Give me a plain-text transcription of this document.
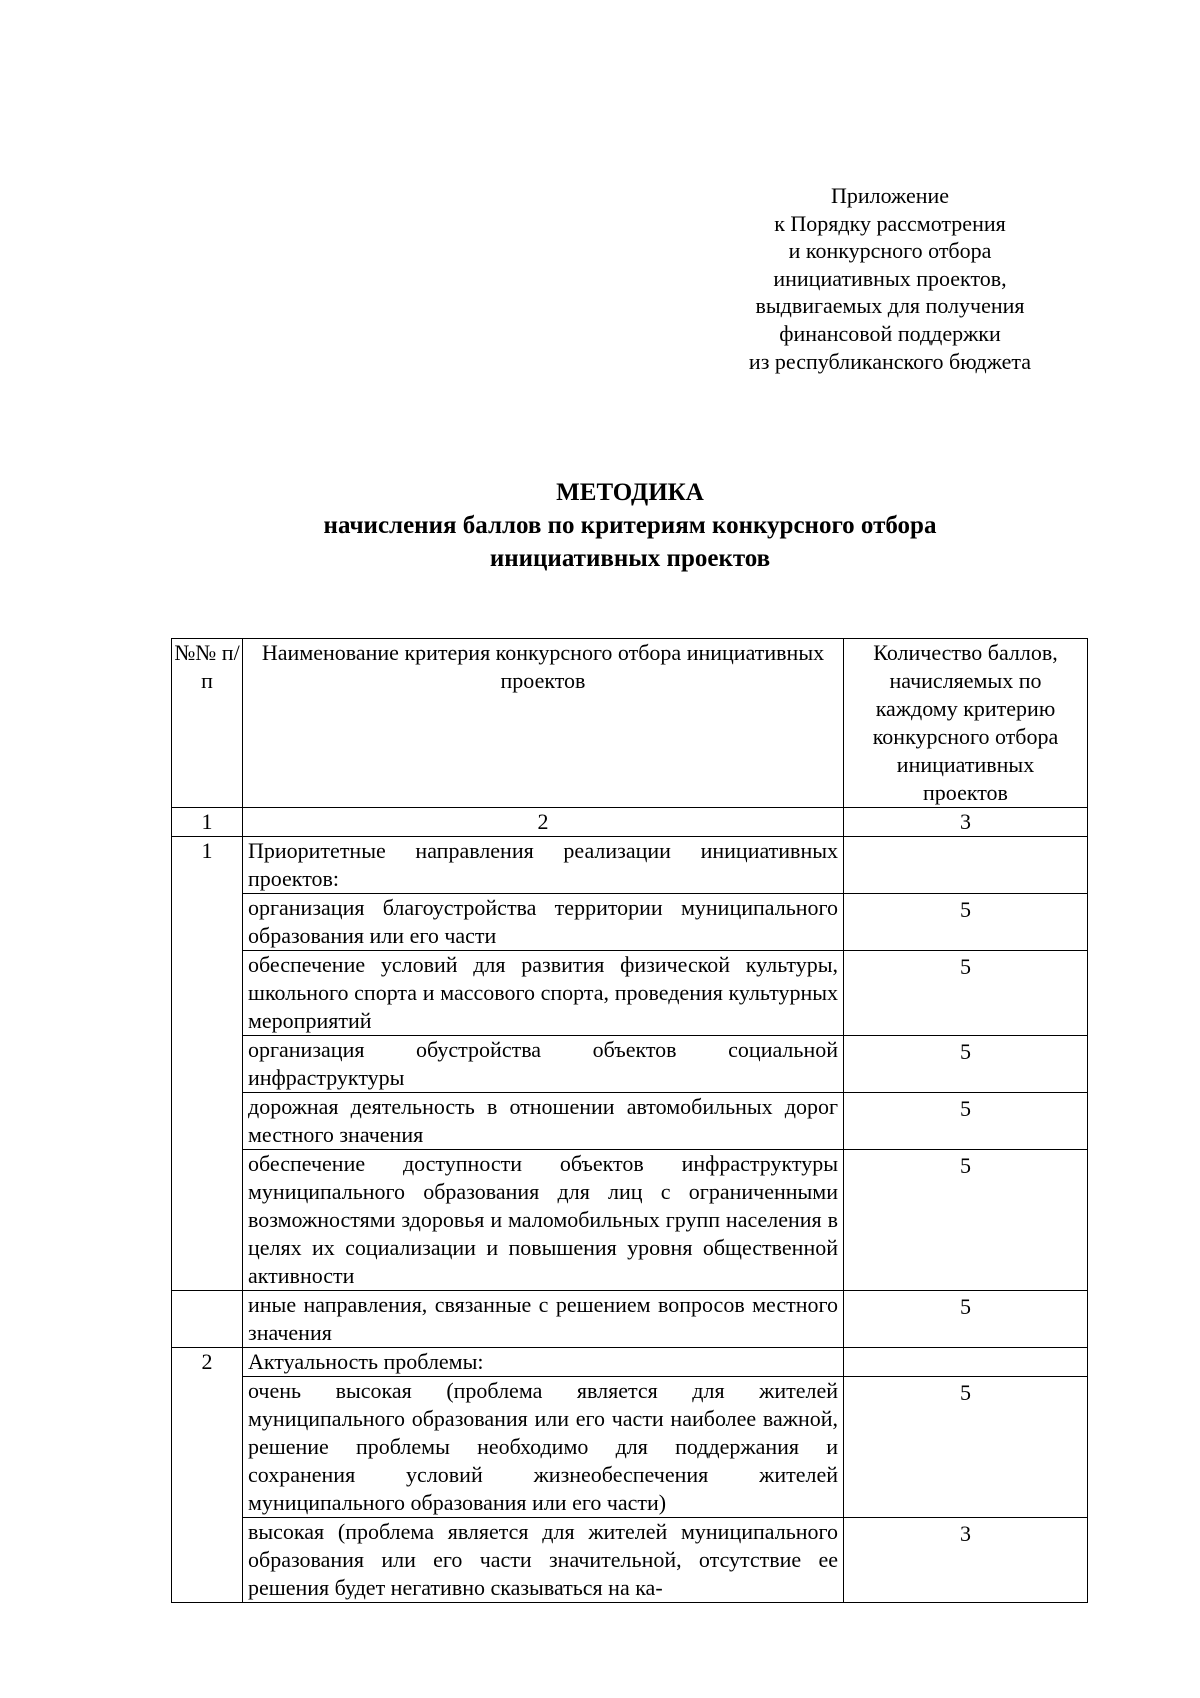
Приложение
к Порядку рассмотрения
и конкурсного отбора
инициативных проектов,
выдвигаемых для получения
финансовой поддержки
из республиканского бюджета
МЕТОДИКА
начисления баллов по критериям конкурсного отбора
инициативных проектов
№№ п/п	Наименование критерия конкурсного отбора инициативных проектов	Количество баллов, начисляемых по каждому критерию конкурсного отбора инициативных проектов
1	2	3
1	Приоритетные направления реализации инициативных проектов:	
	организация благоустройства территории муниципального образования или его части	5
	обеспечение условий для развития физической культуры, школьного спорта и массового спорта, проведения культурных мероприятий	5
	организация обустройства объектов социальной инфраструктуры	5
	дорожная деятельность в отношении автомобильных дорог местного значения	5
	обеспечение доступности объектов инфраструктуры муниципального образования для лиц с ограниченными возможностями здоровья и маломобильных групп населения в целях их социализации и повышения уровня общественной активности	5
	иные направления, связанные с решением вопросов местного значения	5
2	Актуальность проблемы:	
	очень высокая (проблема является для жителей муниципального образования или его части наиболее важной, решение проблемы необходимо для поддержания и сохранения условий жизнеобеспечения жителей муниципального образования или его части)	5
	высокая (проблема является для жителей муниципального образования или его части значительной, отсутствие ее решения будет негативно сказываться на ка-	3
